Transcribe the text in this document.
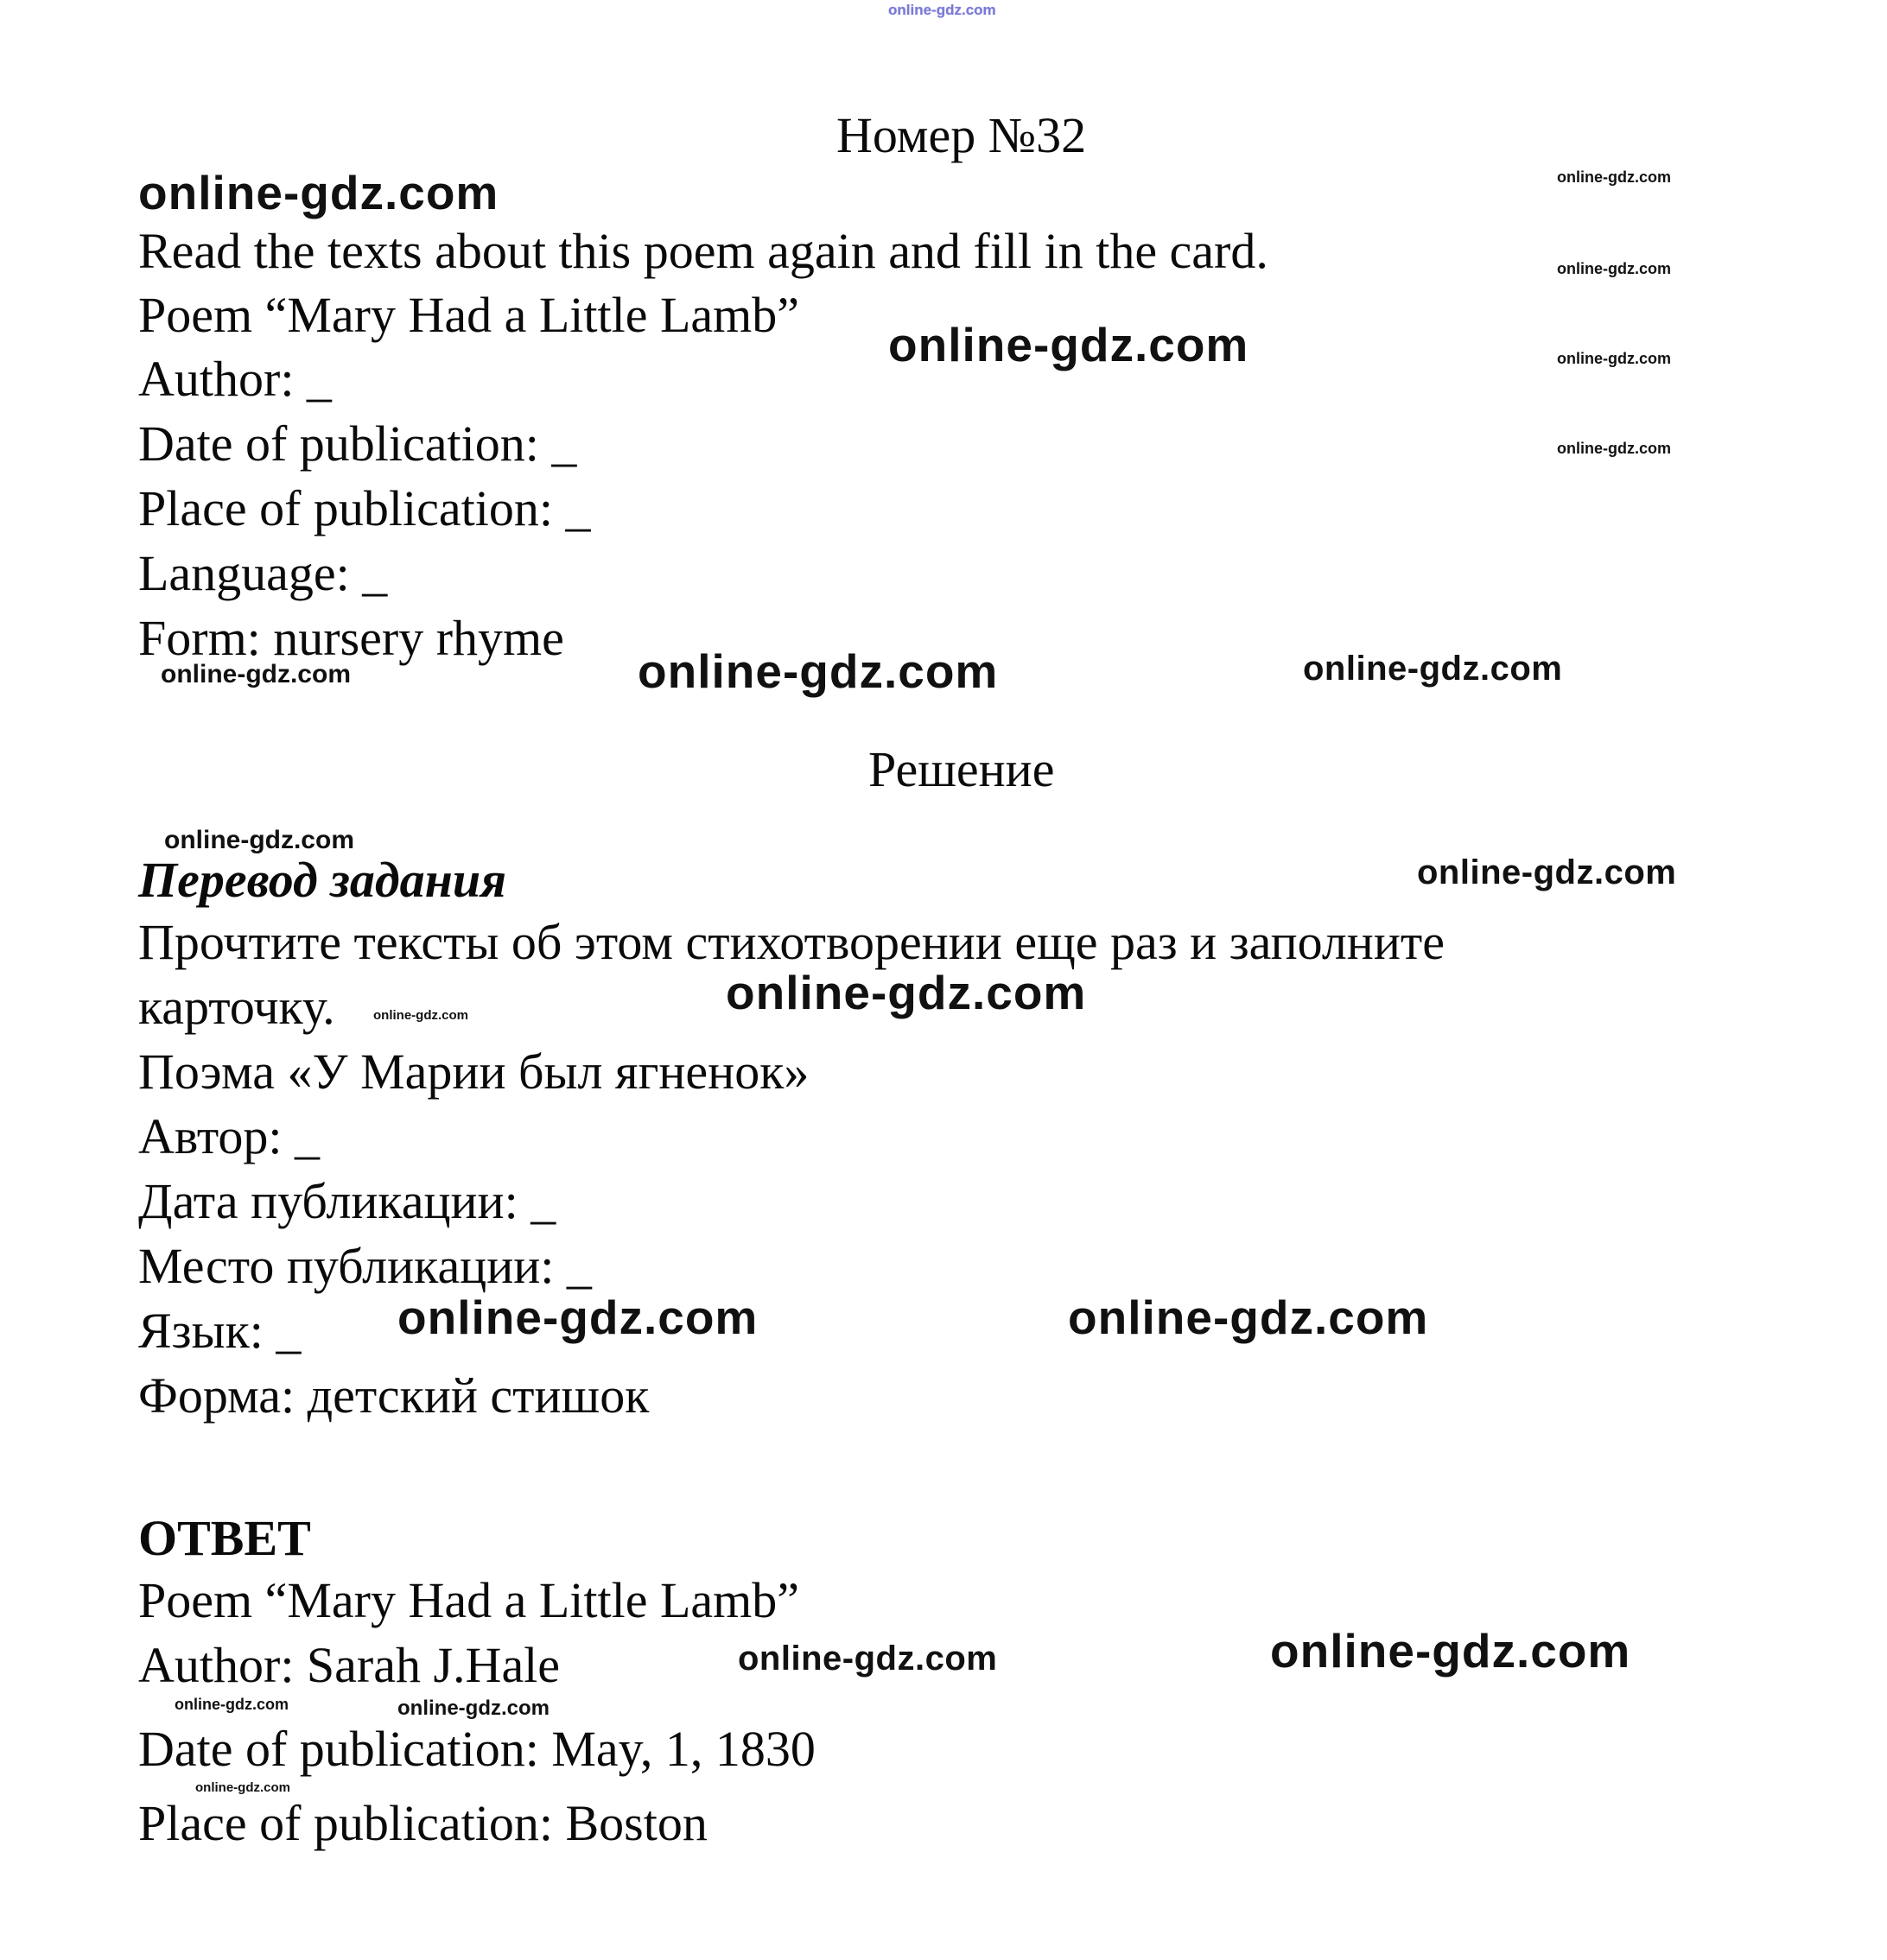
online-gdz.com
Номер №32
online-gdz.com
online-gdz.com
online-gdz.com
online-gdz.com
online-gdz.com
Read the texts about this poem again and fill in the card.
Poem “Mary Had a Little Lamb”
online-gdz.com
Author: _
Date of publication: _
Place of publication: _
Language: _
Form: nursery rhyme
online-gdz.com	online-gdz.com	online-gdz.com
Решение
online-gdz.com
Перевод задания	online-gdz.com
Прочтите тексты об этом стихотворении еще раз и заполните
карточку.	online-gdz.com	online-gdz.com
Поэма «У Марии был ягненок»
Автор: _
Дата публикации: _
Место публикации: _
Язык: _ online-gdz.com	online-gdz.com
Форма: детский стишок
ОТВЕТ
Poem “Mary Had a Little Lamb”
Author: Sarah J.Hale	online-gdz.com	online-gdz.com
online-gdz.com	online-gdz.com
Date of publication: May, 1, 1830
online-gdz.com
Place of publication: Boston
